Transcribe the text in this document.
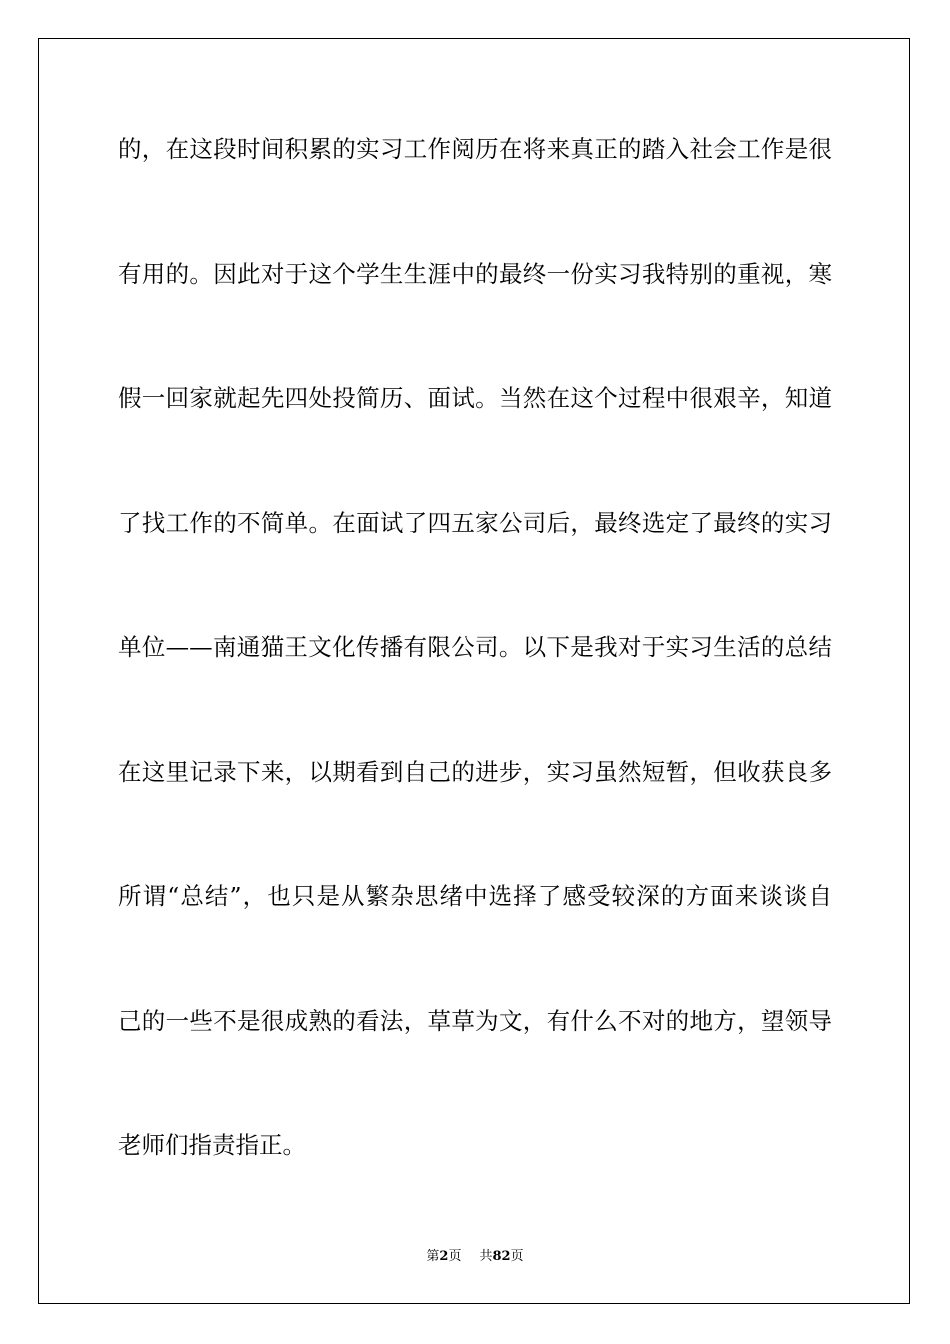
的，在这段时间积累的实习工作阅历在将来真正的踏入社会工作是很
有用的。因此对于这个学生生涯中的最终一份实习我特别的重视，寒
假一回家就起先四处投简历、面试。当然在这个过程中很艰辛，知道
了找工作的不简单。在面试了四五家公司后，最终选定了最终的实习
单位——南通猫王文化传播有限公司。以下是我对于实习生活的总结
在这里记录下来，以期看到自己的进步，实习虽然短暂，但收获良多
所谓“总结”，也只是从繁杂思绪中选择了感受较深的方面来谈谈自
己的一些不是很成熟的看法，草草为文，有什么不对的地方，望领导
老师们指责指正。
第2页 共82页
